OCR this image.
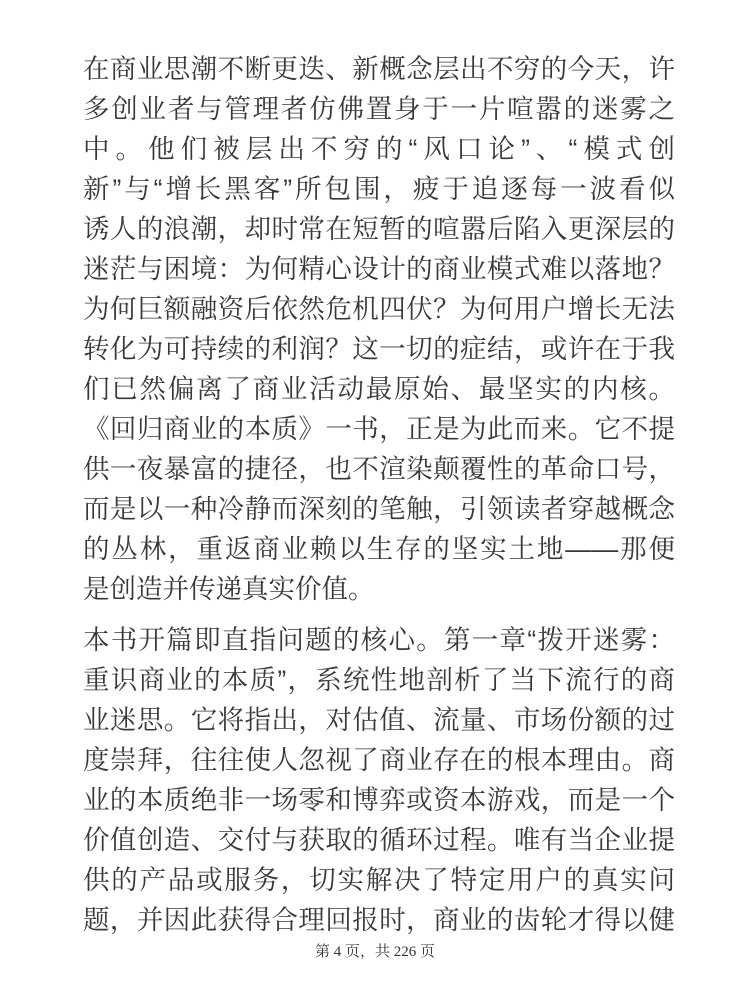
在商业思潮不断更迭、新概念层出不穷的今天，许
多创业者与管理者仿佛置身于一片喧嚣的迷雾之
中。他们被层出不穷的“风口论”、“模式创
新”与“增长黑客”所包围，疲于追逐每一波看似
诱人的浪潮，却时常在短暂的喧嚣后陷入更深层的
迷茫与困境：为何精心设计的商业模式难以落地？
为何巨额融资后依然危机四伏？为何用户增长无法
转化为可持续的利润？这一切的症结，或许在于我
们已然偏离了商业活动最原始、最坚实的内核。
《回归商业的本质》一书，正是为此而来。它不提
供一夜暴富的捷径，也不渲染颠覆性的革命口号，
而是以一种冷静而深刻的笔触，引领读者穿越概念
的丛林，重返商业赖以生存的坚实土地——那便
是创造并传递真实价值。
本书开篇即直指问题的核心。第一章“拨开迷雾：
重识商业的本质”，系统性地剖析了当下流行的商
业迷思。它将指出，对估值、流量、市场份额的过
度崇拜，往往使人忽视了商业存在的根本理由。商
业的本质绝非一场零和博弈或资本游戏，而是一个
价值创造、交付与获取的循环过程。唯有当企业提
供的产品或服务，切实解决了特定用户的真实问
题，并因此获得合理回报时，商业的齿轮才得以健
第 4 页，共 226 页
